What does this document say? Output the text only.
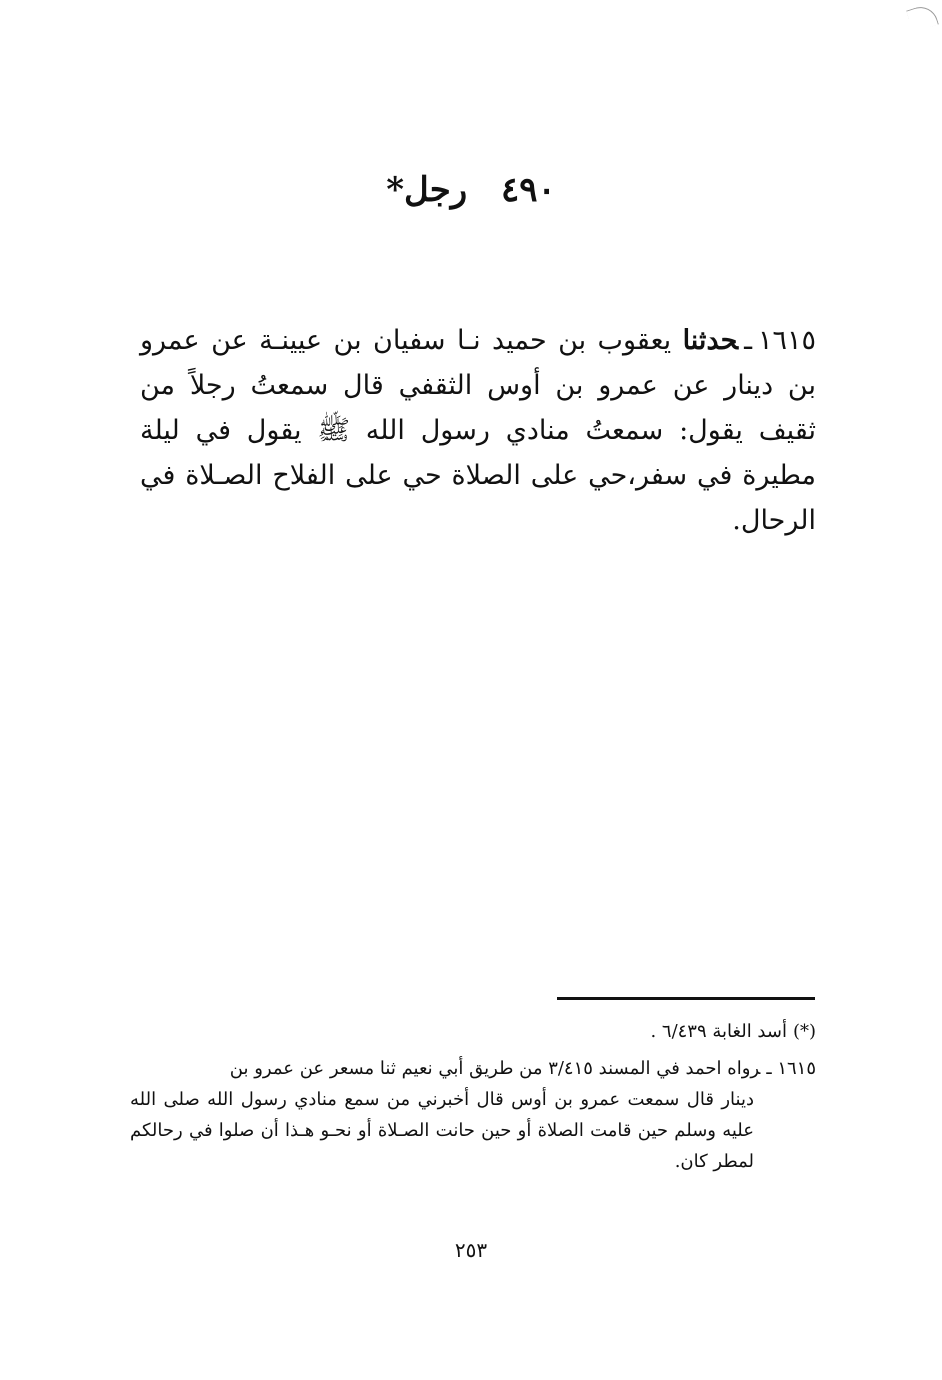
٤٩٠ رجل*

١٦١٥ـحدثنا يعقوب بن حميد نـا سفيان بن عيينـة عن عمرو بن دينار عن عمرو بن أوس الثقفي قال سمعتُ رجلاً من ثقيف يقول: سمعتُ منادي رسول الله ﷺ يقول في ليلة مطيرة في سفر،حي على الصلاة حي على الفلاح الصـلاة في الرحال.

(*)أسد الغابة ٦/٤٣٩ .

١٦١٥ ـرواه احمد في المسند ٣/٤١٥ من طريق أبي نعيم ثنا مسعر عن عمرو بن

دينار قال سمعت عمرو بن أوس قال أخبرني من سمع منادي رسول الله صلى الله عليه وسلم حين قامت الصلاة أو حين حانت الصـلاة أو نحـو هـذا أن صلوا في رحالكم لمطر كان.

٢٥٣
